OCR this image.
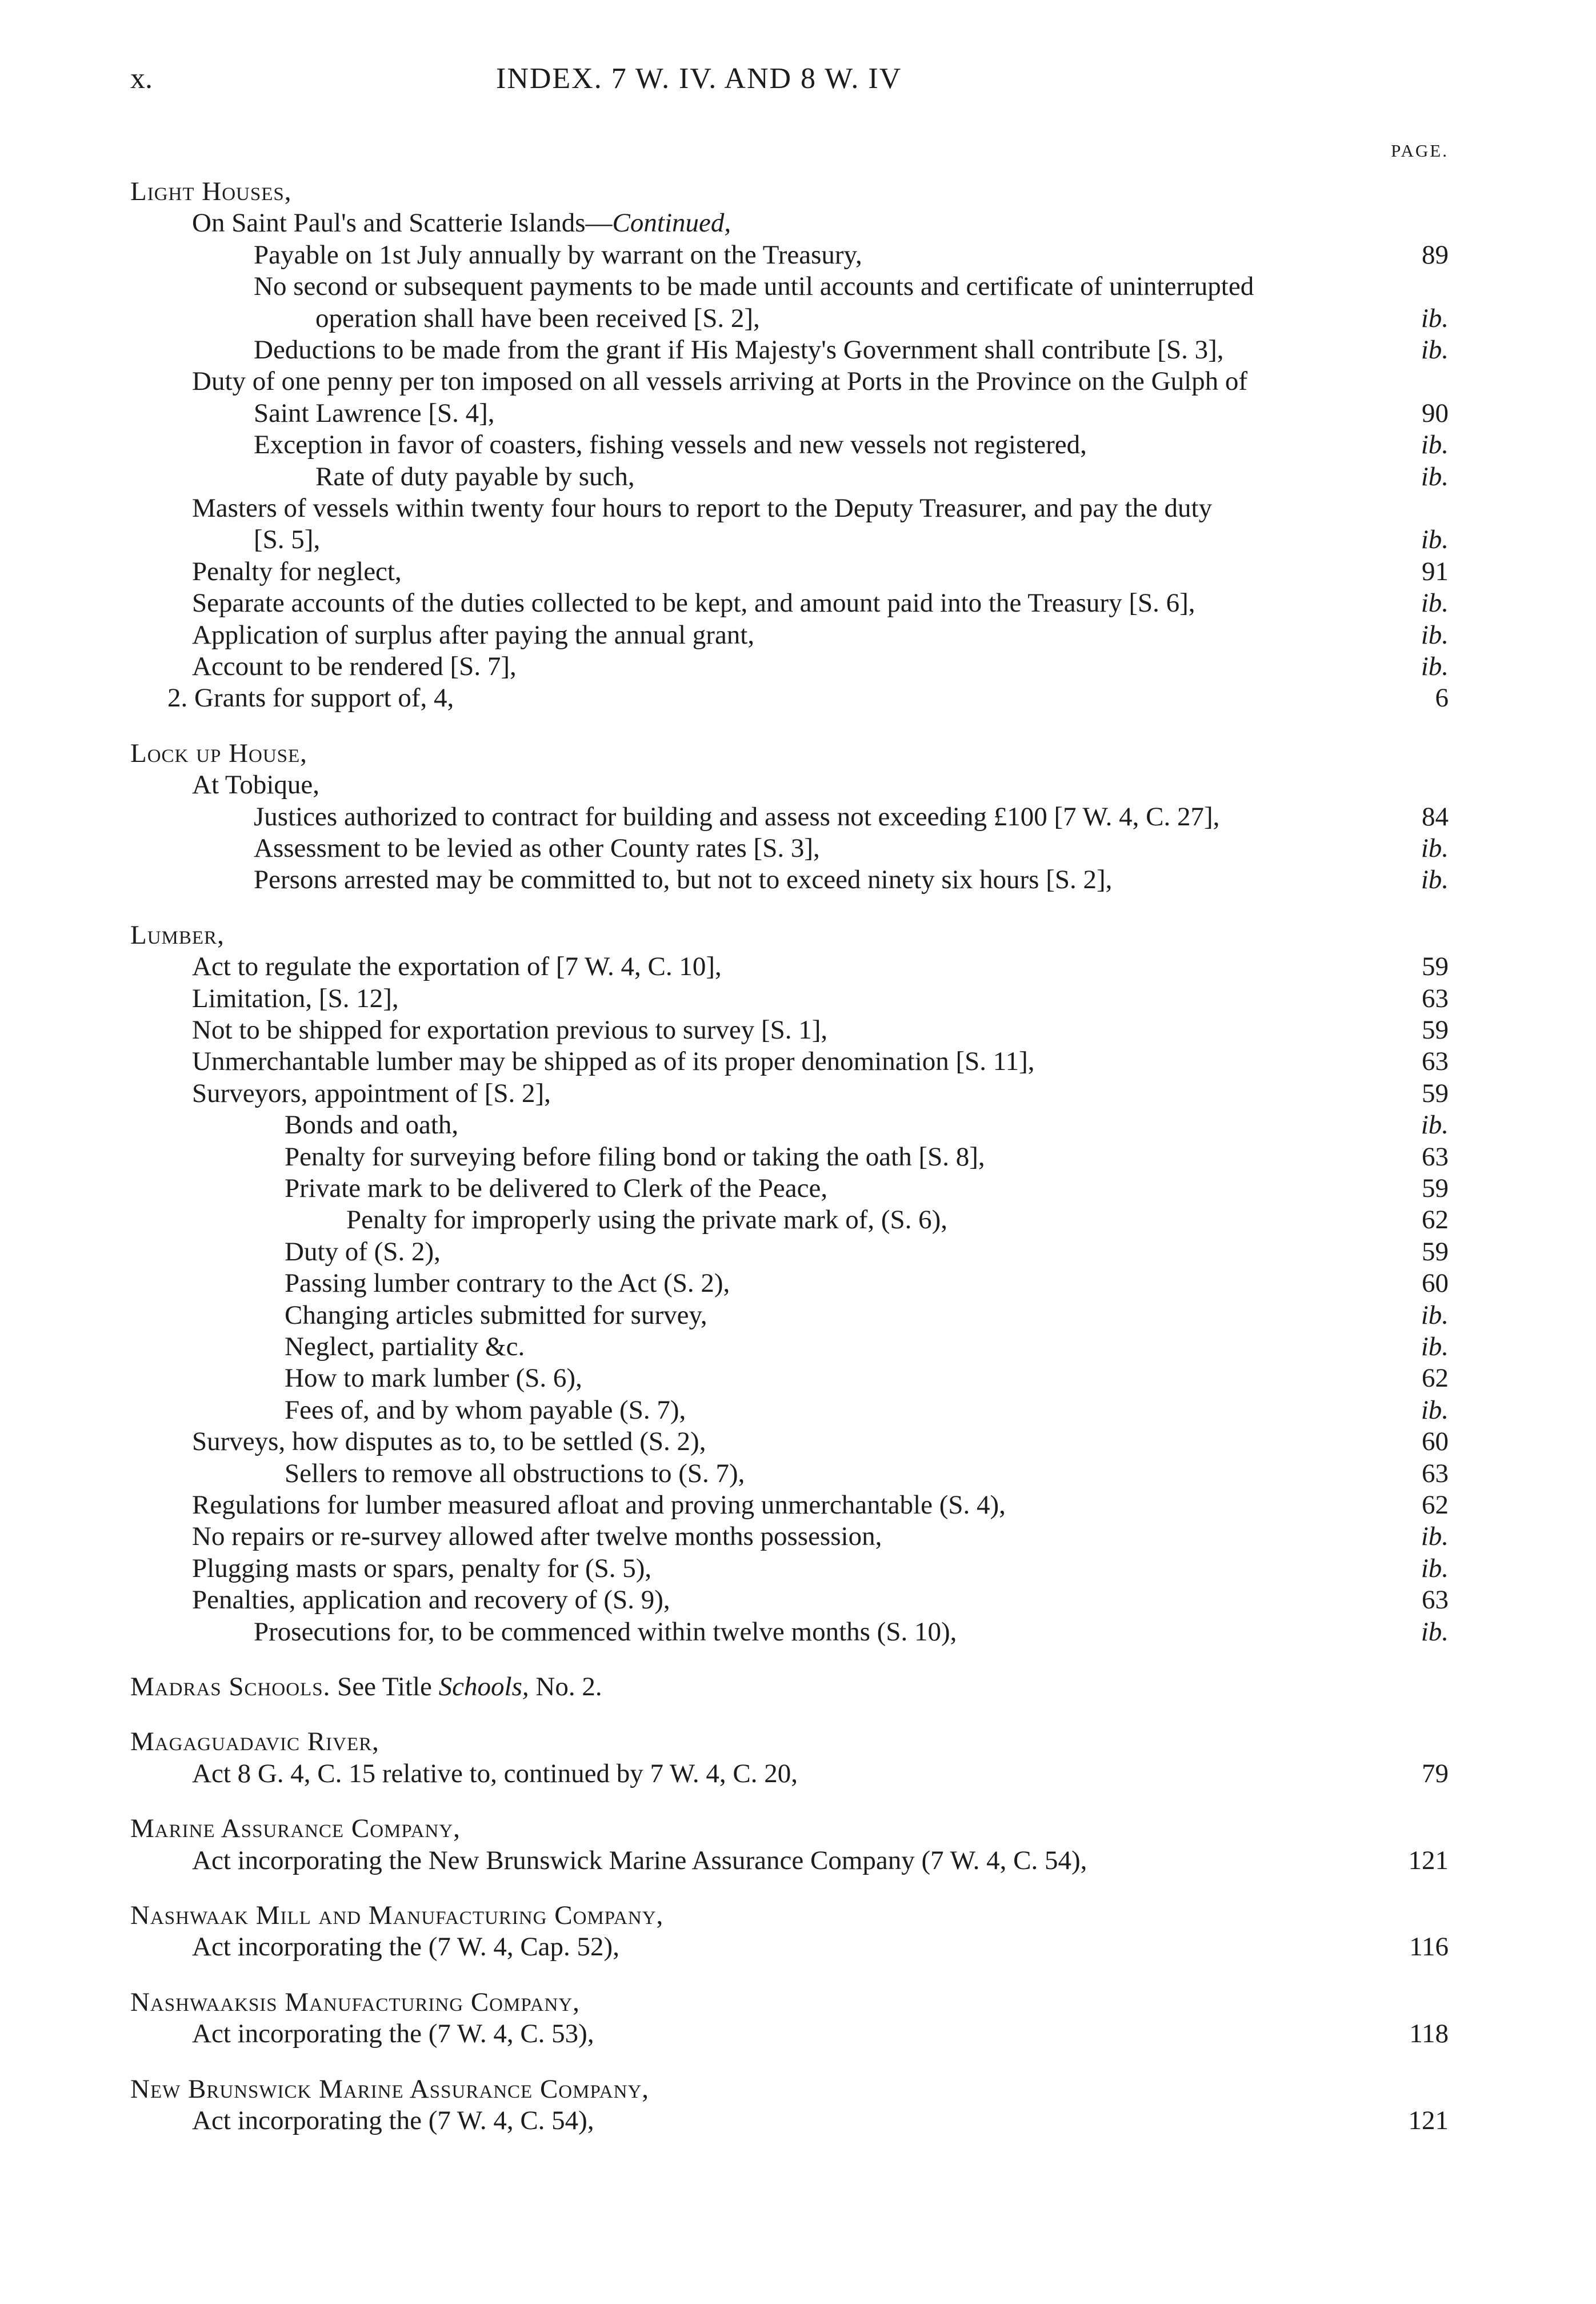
x.	INDEX. 7 W. IV. AND 8 W. IV
PAGE.
Light Houses,
On Saint Paul's and Scatterie Islands—Continued,
Payable on 1st July annually by warrant on the Treasury,	89
No second or subsequent payments to be made until accounts and certificate of uninterrupted
operation shall have been received [S. 2],	ib.
Deductions to be made from the grant if His Majesty's Government shall contribute [S. 3],	ib.
Duty of one penny per ton imposed on all vessels arriving at Ports in the Province on the Gulph of
Saint Lawrence [S. 4],	90
Exception in favor of coasters, fishing vessels and new vessels not registered,	ib.
Rate of duty payable by such,	ib.
Masters of vessels within twenty four hours to report to the Deputy Treasurer, and pay the duty
[S. 5],	ib.
Penalty for neglect,	91
Separate accounts of the duties collected to be kept, and amount paid into the Treasury [S. 6],	ib.
Application of surplus after paying the annual grant,	ib.
Account to be rendered [S. 7],	ib.
2. Grants for support of, 4,	6
Lock up House,
At Tobique,
Justices authorized to contract for building and assess not exceeding £100 [7 W. 4, C. 27],	84
Assessment to be levied as other County rates [S. 3],	ib.
Persons arrested may be committed to, but not to exceed ninety six hours [S. 2],	ib.
Lumber,
Act to regulate the exportation of [7 W. 4, C. 10],	59
Limitation, [S. 12],	63
Not to be shipped for exportation previous to survey [S. 1],	59
Unmerchantable lumber may be shipped as of its proper denomination [S. 11],	63
Surveyors, appointment of [S. 2],	59
Bonds and oath,	ib.
Penalty for surveying before filing bond or taking the oath [S. 8],	63
Private mark to be delivered to Clerk of the Peace,	59
Penalty for improperly using the private mark of, (S. 6),	62
Duty of (S. 2),	59
Passing lumber contrary to the Act (S. 2),	60
Changing articles submitted for survey,	ib.
Neglect, partiality &c.	ib.
How to mark lumber (S. 6),	62
Fees of, and by whom payable (S. 7),	ib.
Surveys, how disputes as to, to be settled (S. 2),	60
Sellers to remove all obstructions to (S. 7),	63
Regulations for lumber measured afloat and proving unmerchantable (S. 4),	62
No repairs or re-survey allowed after twelve months possession,	ib.
Plugging masts or spars, penalty for (S. 5),	ib.
Penalties, application and recovery of (S. 9),	63
Prosecutions for, to be commenced within twelve months (S. 10),	ib.
Madras Schools. See Title Schools, No. 2.
Magaguadavic River,
Act 8 G. 4, C. 15 relative to, continued by 7 W. 4, C. 20,	79
Marine Assurance Company,
Act incorporating the New Brunswick Marine Assurance Company (7 W. 4, C. 54),	121
Nashwaak Mill and Manufacturing Company,
Act incorporating the (7 W. 4, Cap. 52),	116
Nashwaaksis Manufacturing Company,
Act incorporating the (7 W. 4, C. 53),	118
New Brunswick Marine Assurance Company,
Act incorporating the (7 W. 4, C. 54),	121
